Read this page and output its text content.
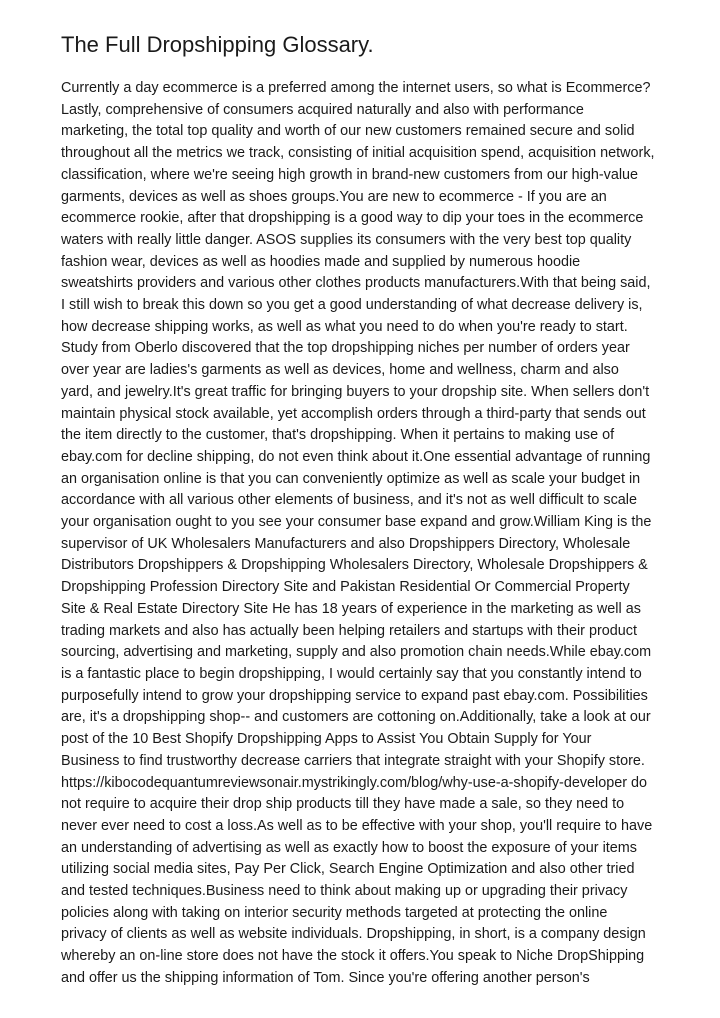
The Full Dropshipping Glossary.
Currently a day ecommerce is a preferred among the internet users, so what is Ecommerce?
Lastly, comprehensive of consumers acquired naturally and also with performance
marketing, the total top quality and worth of our new customers remained secure and solid
throughout all the metrics we track, consisting of initial acquisition spend, acquisition network,
classification, where we're seeing high growth in brand-new customers from our high-value
garments, devices as well as shoes groups.You are new to ecommerce - If you are an
ecommerce rookie, after that dropshipping is a good way to dip your toes in the ecommerce
waters with really little danger. ASOS supplies its consumers with the very best top quality
fashion wear, devices as well as hoodies made and supplied by numerous hoodie
sweatshirts providers and various other clothes products manufacturers.With that being said,
I still wish to break this down so you get a good understanding of what decrease delivery is,
how decrease shipping works, as well as what you need to do when you're ready to start.
Study from Oberlo discovered that the top dropshipping niches per number of orders year
over year are ladies's garments as well as devices, home and wellness, charm and also
yard, and jewelry.It's great traffic for bringing buyers to your dropship site. When sellers don't
maintain physical stock available, yet accomplish orders through a third-party that sends out
the item directly to the customer, that's dropshipping. When it pertains to making use of
ebay.com for decline shipping, do not even think about it.One essential advantage of running
an organisation online is that you can conveniently optimize as well as scale your budget in
accordance with all various other elements of business, and it's not as well difficult to scale
your organisation ought to you see your consumer base expand and grow.William King is the
supervisor of UK Wholesalers Manufacturers and also Dropshippers Directory, Wholesale
Distributors Dropshippers & Dropshipping Wholesalers Directory, Wholesale Dropshippers &
Dropshipping Profession Directory Site and Pakistan Residential Or Commercial Property
Site & Real Estate Directory Site He has 18 years of experience in the marketing as well as
trading markets and also has actually been helping retailers and startups with their product
sourcing, advertising and marketing, supply and also promotion chain needs.While ebay.com
is a fantastic place to begin dropshipping, I would certainly say that you constantly intend to
purposefully intend to grow your dropshipping service to expand past ebay.com. Possibilities
are, it's a dropshipping shop-- and customers are cottoning on.Additionally, take a look at our
post of the 10 Best Shopify Dropshipping Apps to Assist You Obtain Supply for Your
Business to find trustworthy decrease carriers that integrate straight with your Shopify store.
https://kibocodequantumreviewsonair.mystrikingly.com/blog/why-use-a-shopify-developer do
not require to acquire their drop ship products till they have made a sale, so they need to
never ever need to cost a loss.As well as to be effective with your shop, you'll require to have
an understanding of advertising as well as exactly how to boost the exposure of your items
utilizing social media sites, Pay Per Click, Search Engine Optimization and also other tried
and tested techniques.Business need to think about making up or upgrading their privacy
policies along with taking on interior security methods targeted at protecting the online
privacy of clients as well as website individuals. Dropshipping, in short, is a company design
whereby an on-line store does not have the stock it offers.You speak to Niche DropShipping
and offer us the shipping information of Tom. Since you're offering another person's
